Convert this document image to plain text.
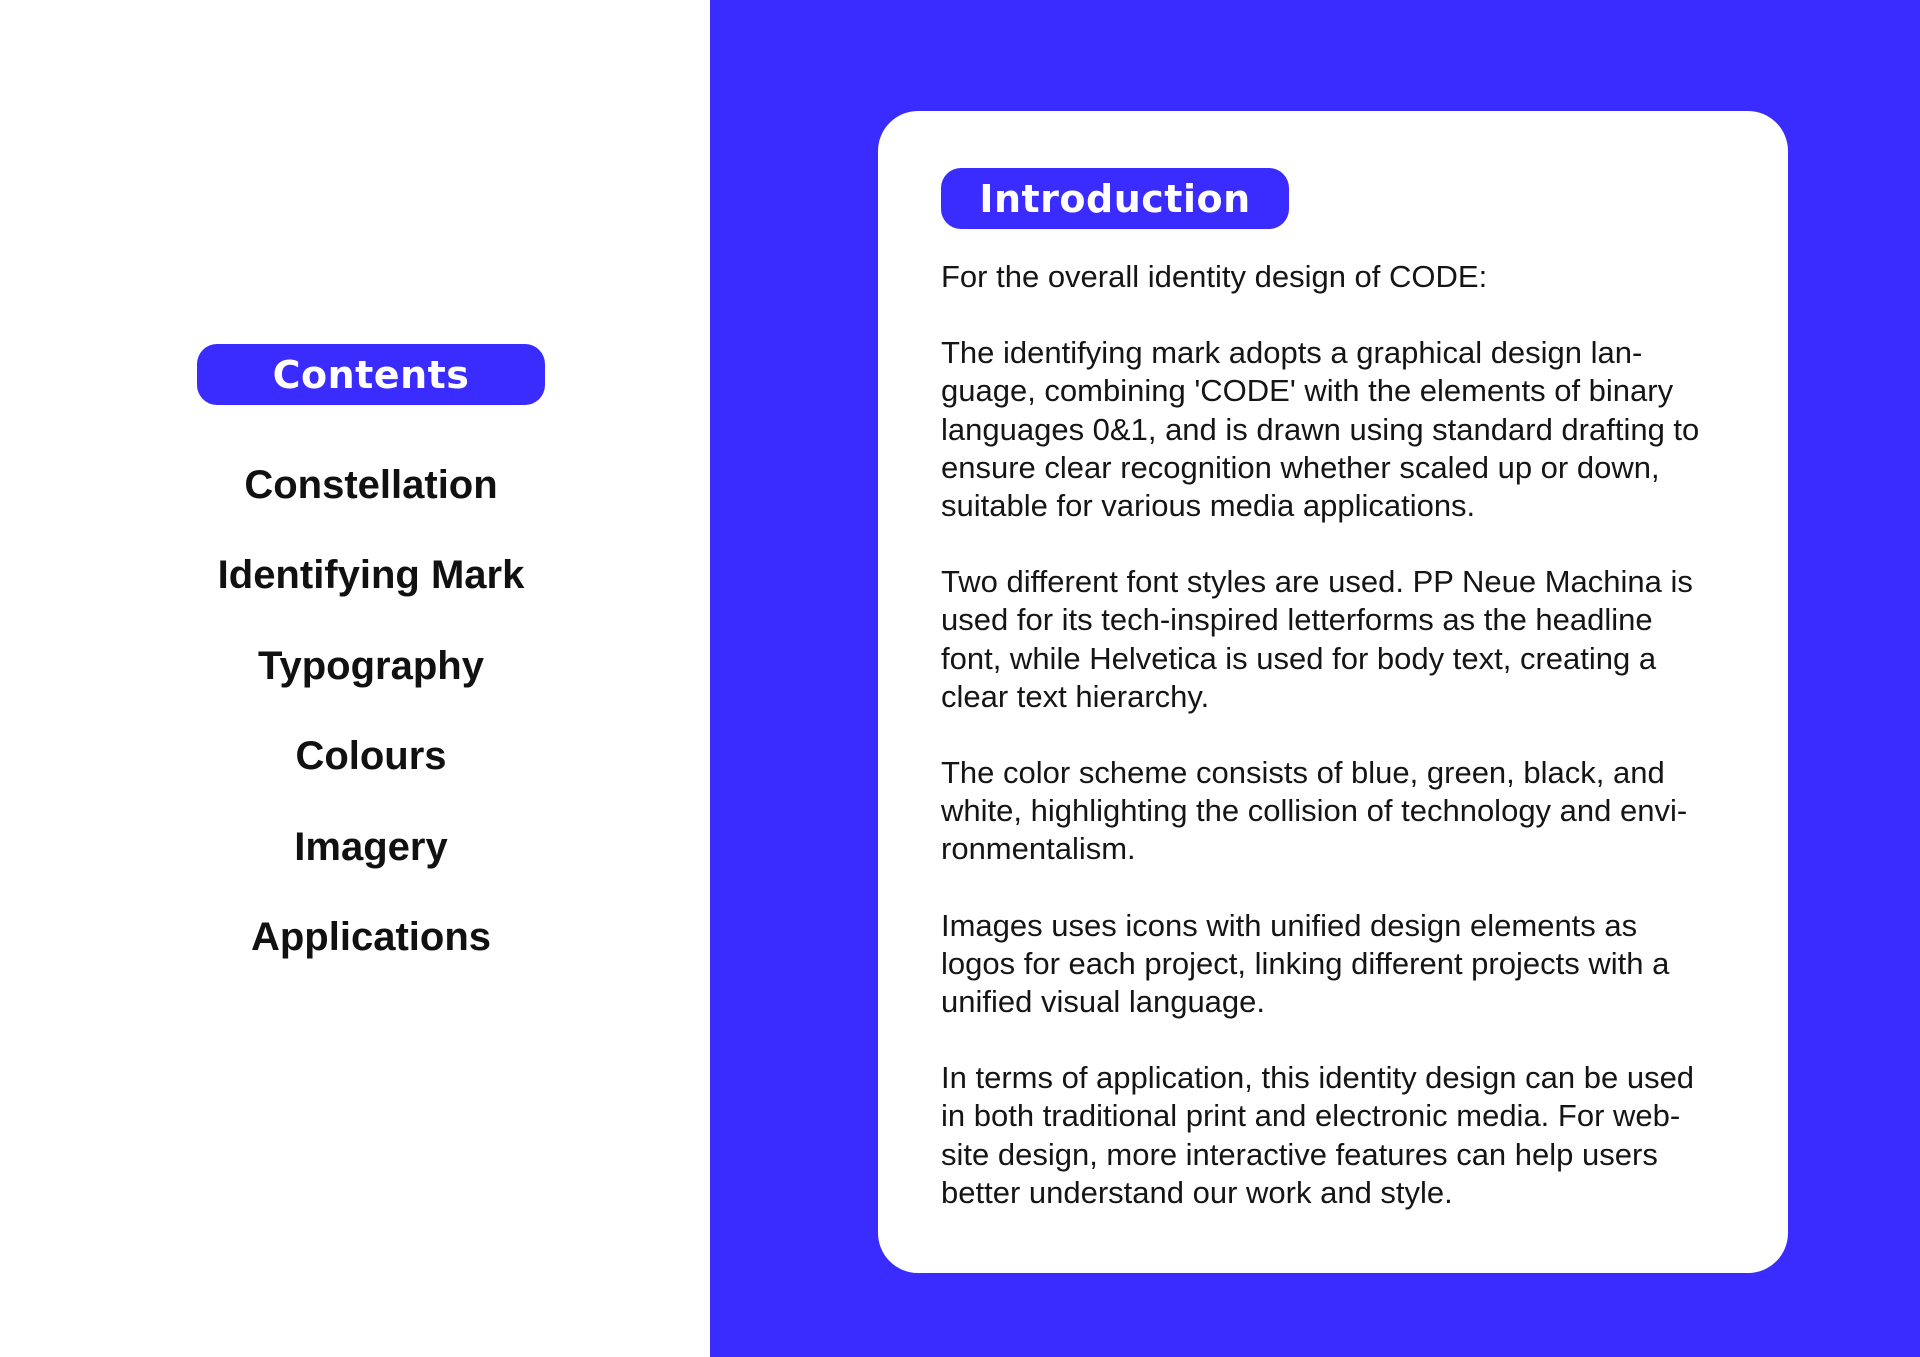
Contents
Constellation
Identifying Mark
Typography
Colours
Imagery
Applications
Introduction

For the overall identity design of CODE:

The identifying mark adopts a graphical design lan-
guage, combining 'CODE' with the elements of binary
languages 0&1, and is drawn using standard drafting to
ensure clear recognition whether scaled up or down,
suitable for various media applications.

Two different font styles are used. PP Neue Machina is
used for its tech-inspired letterforms as the headline
font, while Helvetica is used for body text, creating a
clear text hierarchy.

The color scheme consists of blue, green, black, and
white, highlighting the collision of technology and envi-
ronmentalism.

Images uses icons with unified design elements as
logos for each project, linking different projects with a
unified visual language.

In terms of application, this identity design can be used
in both traditional print and electronic media. For web-
site design, more interactive features can help users
better understand our work and style.
